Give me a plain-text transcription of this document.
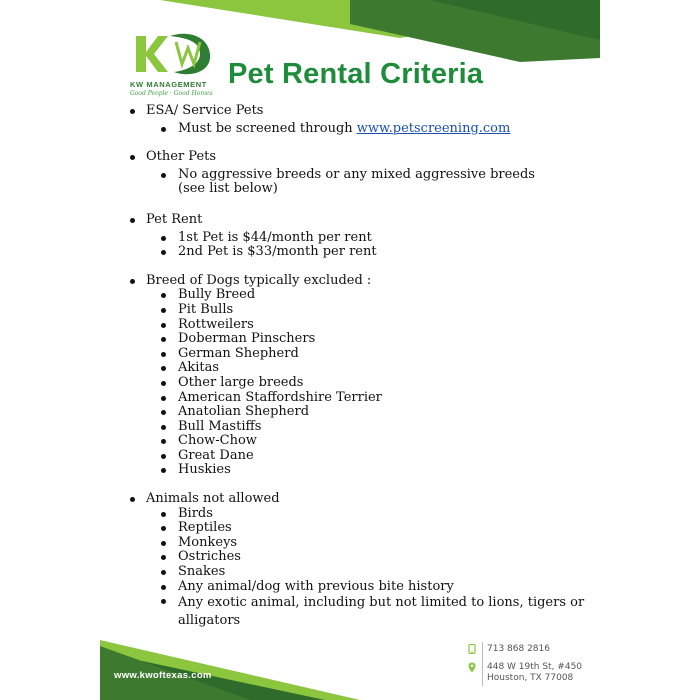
KW MANAGEMENT
Good People · Good Homes
Pet Rental Criteria
ESA/ Service Pets
Must be screened through www.petscreening.com
Other Pets
No aggressive breeds or any mixed aggressive breeds (see list below)
Pet Rent
1st Pet is $44/month per rent
2nd Pet is $33/month per rent
Breed of Dogs typically excluded :
Bully Breed
Pit Bulls
Rottweilers
Doberman Pinschers
German Shepherd
Akitas
Other large breeds
American Staffordshire Terrier
Anatolian Shepherd
Bull Mastiffs
Chow-Chow
Great Dane
Huskies
Animals not allowed
Birds
Reptiles
Monkeys
Ostriches
Snakes
Any animal/dog with previous bite history
Any exotic animal, including but not limited to lions, tigers or alligators
www.kwoftexas.com
713 868 2816
448 W 19th St, #450
Houston, TX 77008
